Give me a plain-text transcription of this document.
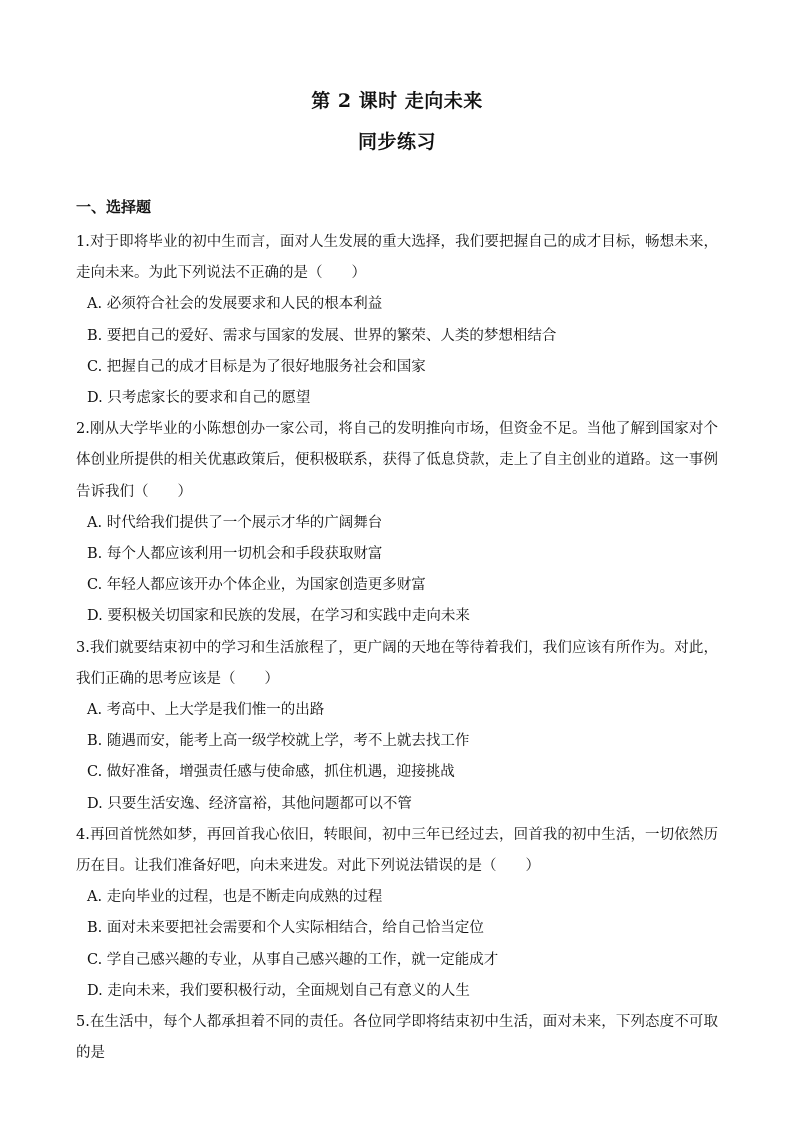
第 2 课时 走向未来
同步练习
一、选择题

1.对于即将毕业的初中生而言，面对人生发展的重大选择，我们要把握自己的成才目标，畅想未来，走向未来。为此下列说法不正确的是（　　）

A. 必须符合社会的发展要求和人民的根本利益

B. 要把自己的爱好、需求与国家的发展、世界的繁荣、人类的梦想相结合

C. 把握自己的成才目标是为了很好地服务社会和国家

D. 只考虑家长的要求和自己的愿望

2.刚从大学毕业的小陈想创办一家公司，将自己的发明推向市场，但资金不足。当他了解到国家对个体创业所提供的相关优惠政策后，便积极联系，获得了低息贷款，走上了自主创业的道路。这一事例告诉我们（　　）

A. 时代给我们提供了一个展示才华的广阔舞台

B. 每个人都应该利用一切机会和手段获取财富

C. 年轻人都应该开办个体企业，为国家创造更多财富

D. 要积极关切国家和民族的发展，在学习和实践中走向未来

3.我们就要结束初中的学习和生活旅程了，更广阔的天地在等待着我们，我们应该有所作为。对此，我们正确的思考应该是（　　）

A. 考高中、上大学是我们惟一的出路

B. 随遇而安，能考上高一级学校就上学，考不上就去找工作

C. 做好准备，增强责任感与使命感，抓住机遇，迎接挑战

D. 只要生活安逸、经济富裕，其他问题都可以不管

4.再回首恍然如梦，再回首我心依旧，转眼间，初中三年已经过去，回首我的初中生活，一切依然历历在目。让我们准备好吧，向未来进发。对此下列说法错误的是（　　）

A. 走向毕业的过程，也是不断走向成熟的过程

B. 面对未来要把社会需要和个人实际相结合，给自己恰当定位

C. 学自己感兴趣的专业，从事自己感兴趣的工作，就一定能成才

D. 走向未来，我们要积极行动，全面规划自己有意义的人生

5.在生活中，每个人都承担着不同的责任。各位同学即将结束初中生活，面对未来，下列态度不可取的是
